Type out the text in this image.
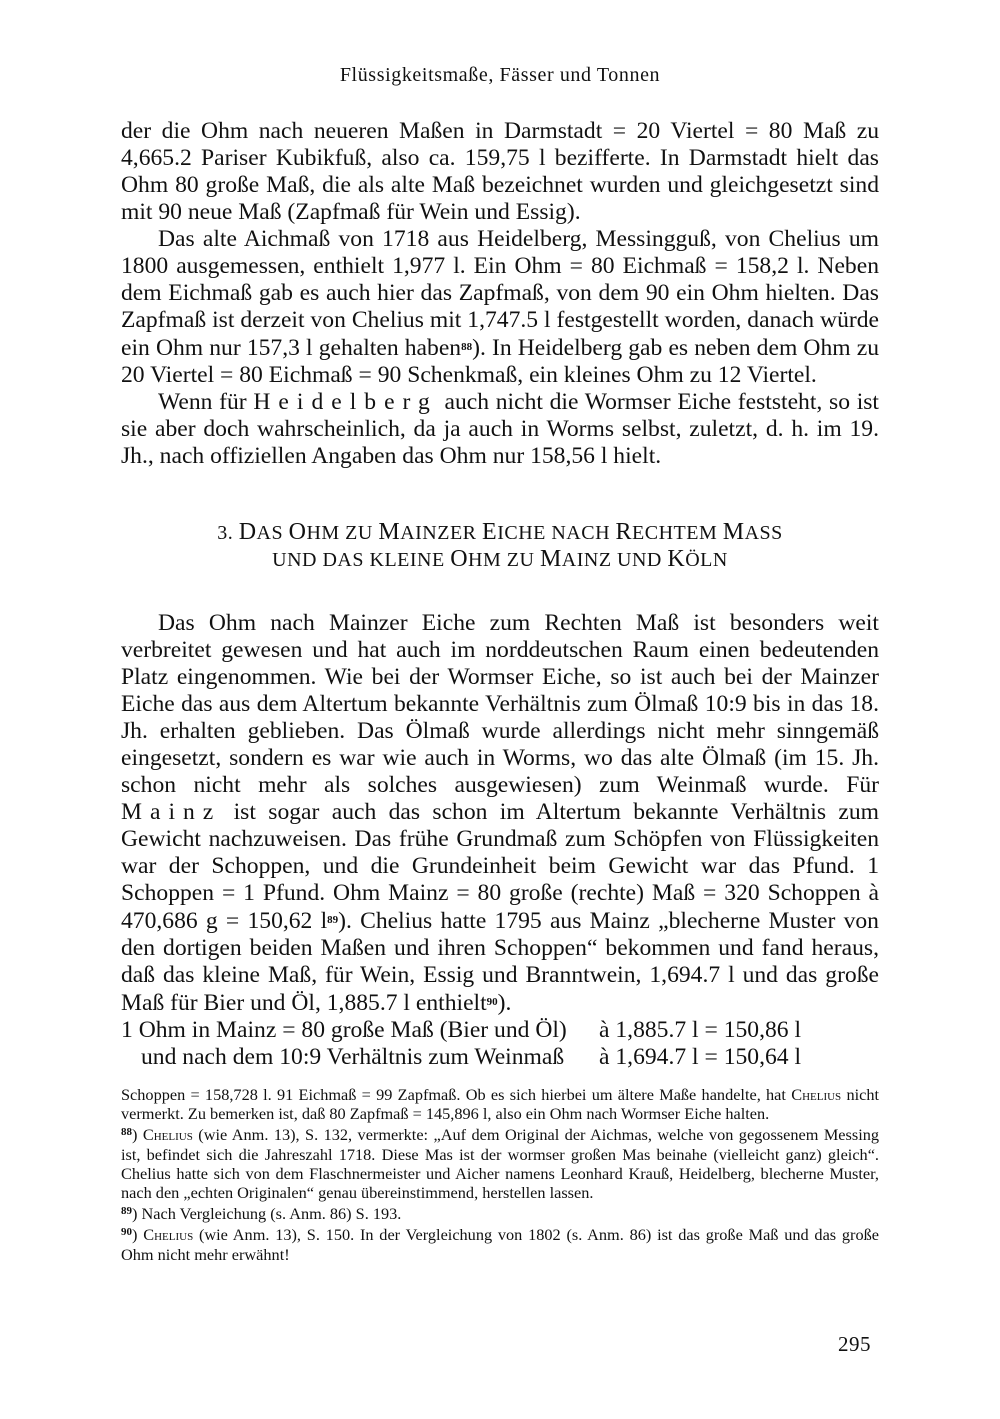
Flüssigkeitsmaße, Fässer und Tonnen

der die Ohm nach neueren Maßen in Darmstadt = 20 Viertel = 80 Maß zu 4,665.2 Pariser Kubikfuß, also ca. 159,75 l bezifferte. In Darmstadt hielt das Ohm 80 große Maß, die als alte Maß bezeichnet wurden und gleichgesetzt sind mit 90 neue Maß (Zapfmaß für Wein und Essig).

Das alte Aichmaß von 1718 aus Heidelberg, Messingguß, von Chelius um 1800 ausgemessen, enthielt 1,977 l. Ein Ohm = 80 Eichmaß = 158,2 l. Neben dem Eichmaß gab es auch hier das Zapfmaß, von dem 90 ein Ohm hielten. Das Zapfmaß ist derzeit von Chelius mit 1,747.5 l festgestellt worden, danach würde ein Ohm nur 157,3 l gehalten haben$^{88}$). In Heidelberg gab es neben dem Ohm zu 20 Viertel = 80 Eichmaß = 90 Schenkmaß, ein kleines Ohm zu 12 Viertel.

Wenn für Heidelberg auch nicht die Wormser Eiche feststeht, so ist sie aber doch wahrscheinlich, da ja auch in Worms selbst, zuletzt, d. h. im 19. Jh., nach offiziellen Angaben das Ohm nur 158,56 l hielt.

3. DAS OHM ZU MAINZER EICHE NACH RECHTEM MASS
UND DAS KLEINE OHM ZU MAINZ UND KÖLN

Das Ohm nach Mainzer Eiche zum Rechten Maß ist besonders weit verbreitet gewesen und hat auch im norddeutschen Raum einen bedeutenden Platz eingenommen. Wie bei der Wormser Eiche, so ist auch bei der Mainzer Eiche das aus dem Altertum bekannte Verhältnis zum Ölmaß 10:9 bis in das 18. Jh. erhalten geblieben. Das Ölmaß wurde allerdings nicht mehr sinngemäß eingesetzt, sondern es war wie auch in Worms, wo das alte Ölmaß (im 15. Jh. schon nicht mehr als solches ausgewiesen) zum Weinmaß wurde. Für Mainz ist sogar auch das schon im Altertum bekannte Verhältnis zum Gewicht nachzuweisen. Das frühe Grundmaß zum Schöpfen von Flüssigkeiten war der Schoppen, und die Grundeinheit beim Gewicht war das Pfund. 1 Schoppen = 1 Pfund. Ohm Mainz = 80 große (rechte) Maß = 320 Schoppen à 470,686 g = 150,62 l$^{89}$). Chelius hatte 1795 aus Mainz „blecherne Muster von den dortigen beiden Maßen und ihren Schoppen“ bekommen und fand heraus, daß das kleine Maß, für Wein, Essig und Branntwein, 1,694.7 l und das große Maß für Bier und Öl, 1,885.7 l enthielt$^{90}$).

1 Ohm in Mainz = 80 große Maß (Bier und Öl)	à 1,885.7 l = 150,86 l
und nach dem 10:9 Verhältnis zum Weinmaß	à 1,694.7 l = 150,64 l

Schoppen = 158,728 l. 91 Eichmaß = 99 Zapfmaß. Ob es sich hierbei um ältere Maße handelte, hat Chelius nicht vermerkt. Zu bemerken ist, daß 80 Zapfmaß = 145,896 l, also ein Ohm nach Wormser Eiche halten.

$^{88}$) Chelius (wie Anm. 13), S. 132, vermerkte: „Auf dem Original der Aichmas, welche von gegossenem Messing ist, befindet sich die Jahreszahl 1718. Diese Mas ist der wormser großen Mas beinahe (vielleicht ganz) gleich“. Chelius hatte sich von dem Flaschnermeister und Aicher namens Leonhard Krauß, Heidelberg, blecherne Muster, nach den „echten Originalen“ genau übereinstimmend, herstellen lassen.

$^{89}$) Nach Vergleichung (s. Anm. 86) S. 193.

$^{90}$) Chelius (wie Anm. 13), S. 150. In der Vergleichung von 1802 (s. Anm. 86) ist das große Maß und das große Ohm nicht mehr erwähnt!

295
